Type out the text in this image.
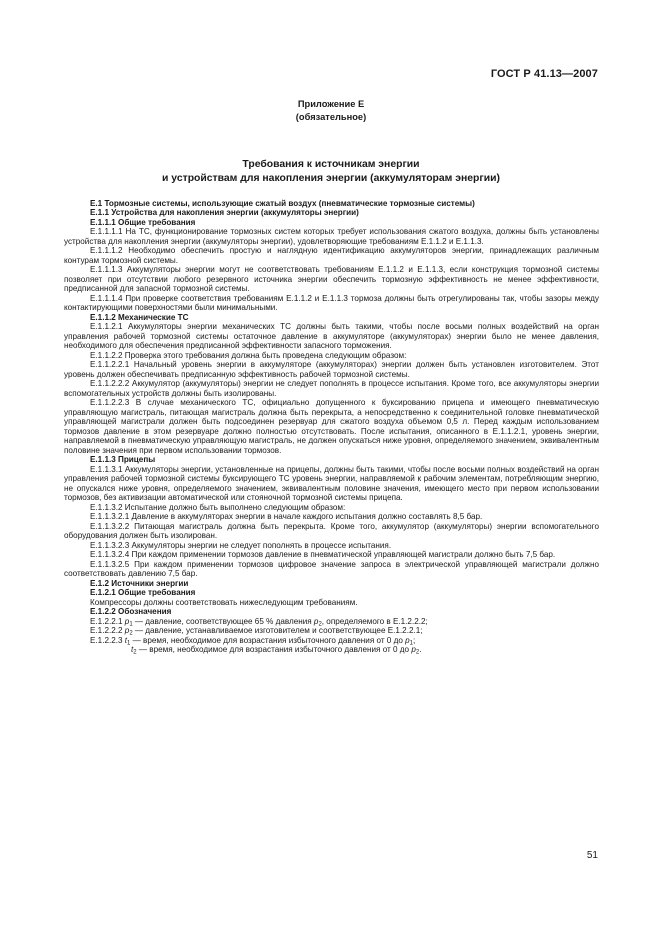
ГОСТ Р 41.13—2007
Приложение Е
(обязательное)
Требования к источникам энергии
и устройствам для накопления энергии (аккумуляторам энергии)

Е.1 Тормозные системы, использующие сжатый воздух (пневматические тормозные системы)

Е.1.1 Устройства для накопления энергии (аккумуляторы энергии)

Е.1.1.1 Общие требования

Е.1.1.1.1 На ТС, функционирование тормозных систем которых требует использования сжатого воздуха, должны быть установлены устройства для накопления энергии (аккумуляторы энергии), удовлетворяющие требованиям Е.1.1.2 и Е.1.1.3.

Е.1.1.1.2 Необходимо обеспечить простую и наглядную идентификацию аккумуляторов энергии, принадлежащих различным контурам тормозной системы.

Е.1.1.1.3 Аккумуляторы энергии могут не соответствовать требованиям Е.1.1.2 и Е.1.1.3, если конструкция тормозной системы позволяет при отсутствии любого резервного источника энергии обеспечить тормозную эффективность не менее эффективности, предписанной для запасной тормозной системы.

Е.1.1.1.4 При проверке соответствия требованиям Е.1.1.2 и Е.1.1.3 тормоза должны быть отрегулированы так, чтобы зазоры между контактирующими поверхностями были минимальными.

Е.1.1.2 Механические ТС

Е.1.1.2.1 Аккумуляторы энергии механических ТС должны быть такими, чтобы после восьми полных воздействий на орган управления рабочей тормозной системы остаточное давление в аккумуляторе (аккумуляторах) энергии было не менее давления, необходимого для обеспечения предписанной эффективности запасного торможения.

Е.1.1.2.2 Проверка этого требования должна быть проведена следующим образом:

Е.1.1.2.2.1 Начальный уровень энергии в аккумуляторе (аккумуляторах) энергии должен быть установлен изготовителем. Этот уровень должен обеспечивать предписанную эффективность рабочей тормозной системы.

Е.1.1.2.2.2 Аккумулятор (аккумуляторы) энергии не следует пополнять в процессе испытания. Кроме того, все аккумуляторы энергии вспомогательных устройств должны быть изолированы.

Е.1.1.2.2.3 В случае механического ТС, официально допущенного к буксированию прицепа и имеющего пневматическую управляющую магистраль, питающая магистраль должна быть перекрыта, а непосредственно к соединительной головке пневматической управляющей магистрали должен быть подсоединен резервуар для сжатого воздуха объемом 0,5 л. Перед каждым использованием тормозов давление в этом резервуаре должно полностью отсутствовать. После испытания, описанного в Е.1.1.2.1, уровень энергии, направляемой в пневматическую управляющую магистраль, не должен опускаться ниже уровня, определяемого значением, эквивалентным половине значения при первом использовании тормозов.

Е.1.1.3 Прицепы

Е.1.1.3.1 Аккумуляторы энергии, установленные на прицепы, должны быть такими, чтобы после восьми полных воздействий на орган управления рабочей тормозной системы буксирующего ТС уровень энергии, направляемой к рабочим элементам, потребляющим энергию, не опускался ниже уровня, определяемого значением, эквивалентным половине значения, имеющего место при первом использовании тормозов, без активизации автоматической или стояночной тормозной системы прицепа.

Е.1.1.3.2 Испытание должно быть выполнено следующим образом:

Е.1.1.3.2.1 Давление в аккумуляторах энергии в начале каждого испытания должно составлять 8,5 бар.

Е.1.1.3.2.2 Питающая магистраль должна быть перекрыта. Кроме того, аккумулятор (аккумуляторы) энергии вспомогательного оборудования должен быть изолирован.

Е.1.1.3.2.3 Аккумуляторы энергии не следует пополнять в процессе испытания.

Е.1.1.3.2.4 При каждом применении тормозов давление в пневматической управляющей магистрали должно быть 7,5 бар.

Е.1.1.3.2.5 При каждом применении тормозов цифровое значение запроса в электрической управляющей магистрали должно соответствовать давлению 7,5 бар.

Е.1.2 Источники энергии

Е.1.2.1 Общие требования

Компрессоры должны соответствовать нижеследующим требованиям.

Е.1.2.2 Обозначения

Е.1.2.2.1 $p_1$ — давление, соответствующее 65 % давления $p_2$, определяемого в Е.1.2.2.2;

Е.1.2.2.2 $p_2$ — давление, устанавливаемое изготовителем и соответствующее Е.1.2.2.1;

Е.1.2.2.3 $t_1$ — время, необходимое для возрастания избыточного давления от 0 до $p_1$;

$t_2$ — время, необходимое для возрастания избыточного давления от 0 до $p_2$.

51
